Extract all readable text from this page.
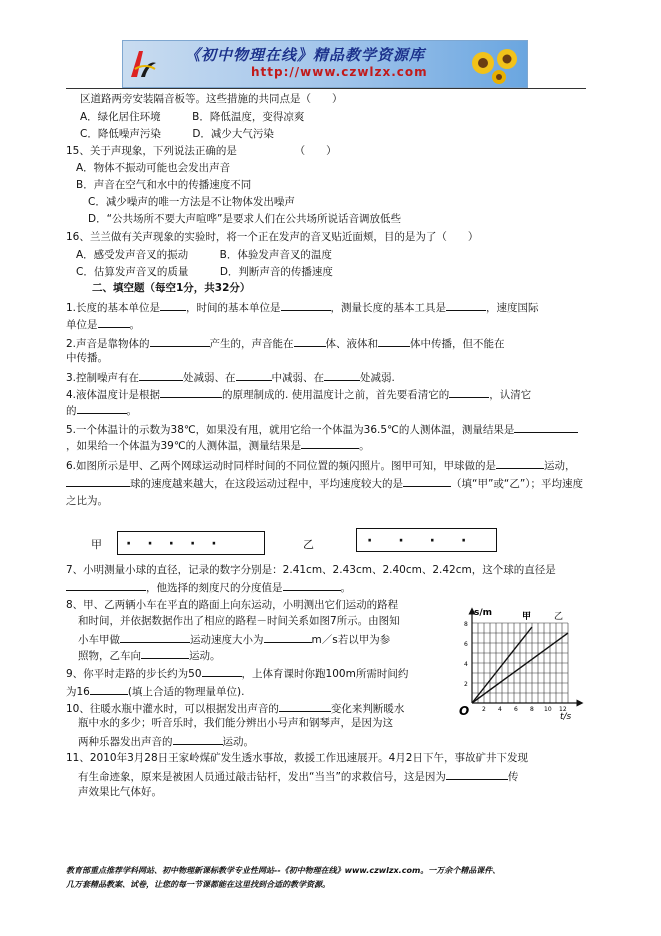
《初中物理在线》精品教学资源库
http://www.czwlzx.com
区道路两旁安装隔音板等。这些措施的共同点是（　　）
A．绿化居住环境　　　B．降低温度，变得凉爽
C．降低噪声污染　　　D．减少大气污染
15、关于声现象，下列说法正确的是　　　　　　（　　）
A．物体不振动可能也会发出声音
B．声音在空气和水中的传播速度不同
C．减少噪声的唯一方法是不让物体发出噪声
D．“公共场所不要大声喧哗”是要求人们在公共场所说话音调放低些
16、兰兰做有关声现象的实验时，将一个正在发声的音叉贴近面颊，目的是为了（　　）
A．感受发声音叉的振动　　　B．体验发声音叉的温度
C．估算发声音叉的质量　　　D．判断声音的传播速度
二、填空题（每空1分，共32分）
1.长度的基本单位是 ，时间的基本单位是	，测量长度的基本工具是	，速度国际
单位是	。
2.声音是靠物体的	产生的，声音能在	体、液体和	体中传播，但不能在
中传播。
3.控制噪声有在	处减弱、在	中减弱、在	处减弱.
4.液体温度计是根据	的原理制成的. 使用温度计之前，首先要看清它的	，认清它
的	。
5.一个体温计的示数为38℃，如果没有甩，就用它给一个体温为36.5℃的人测体温，测量结果是，如果给一个体温为39℃的人测体温，测量结果是	。
6.如图所示是甲、乙两个网球运动时同样时间的不同位置的频闪照片。图甲可知，甲球做的是	运动，球的速度越来越大，在这段运动过程中，平均速度较大的是	（填“甲”或“乙”）；平均速度之比为。
甲 ·····	乙	····
7、小明测量小球的直径，记录的数字分别是：2.41cm、2.43cm、2.40cm、2.42cm，这个球的直径是，他选择的刻度尺的分度值是	。
8、甲、乙两辆小车在平直的路面上向东运动，小明测出它们运动的路程
和时间，并依据数据作出了相应的路程－时间关系如图7所示。由图知
小车甲做	运动速度大小为	m／s若以甲为参
照物，乙车向	运动。
9、你平时走路的步长约为50	，上体育课时你跑100m所需时间约
为16	(填上合适的物理量单位).
10、往暖水瓶中灌水时，可以根据发出声音的	变化来判断暖水
瓶中水的多少；听音乐时，我们能分辨出小号声和钢琴声，是因为这
两种乐器发出声音的	运动。
11、2010年3月28日王家岭煤矿发生透水事故，救援工作迅速展开。4月2日下午，事故矿井下发现
有生命迹象，原来是被困人员通过敲击钻杆，发出“当当”的求救信号，这是因为	传
声效果比气体好。
s/m
t/s
O
甲	乙
2
4
6
8
2 4 6 8 10 12
教育部重点推荐学科网站、初中物理新课标教学专业性网站--《初中物理在线》www.czwlzx.com。一万余个精品课件、
几万套精品教案、试卷，让您的每一节课都能在这里找到合适的教学资源。
